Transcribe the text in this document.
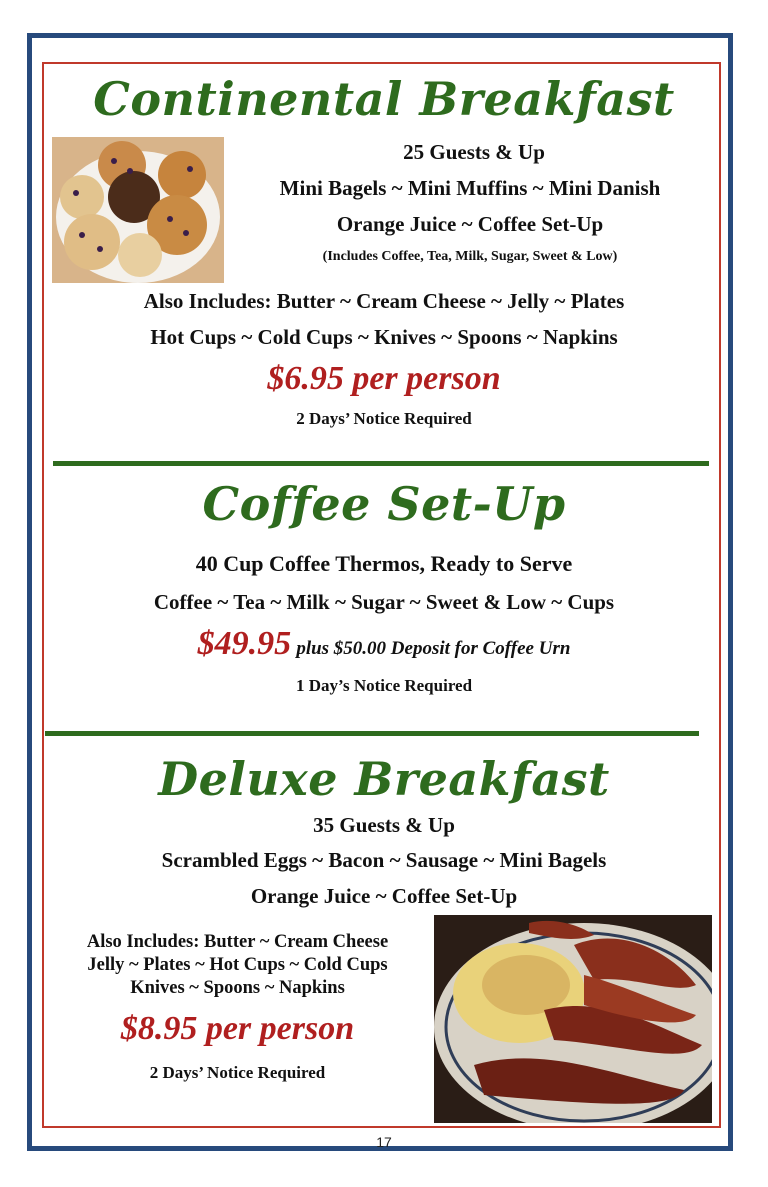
Continental Breakfast
25 Guests & Up
Mini Bagels ~ Mini Muffins ~ Mini Danish
Orange Juice ~ Coffee Set-Up
(Includes Coffee, Tea, Milk, Sugar, Sweet & Low)
Also Includes: Butter ~ Cream Cheese ~ Jelly ~ Plates
Hot Cups ~ Cold Cups ~ Knives ~ Spoons ~ Napkins
$6.95 per person
2 Days’ Notice Required
Coffee Set-Up
40 Cup Coffee Thermos, Ready to Serve
Coffee ~ Tea ~ Milk ~ Sugar ~ Sweet & Low ~ Cups
$49.95 plus $50.00 Deposit for Coffee Urn
1 Day’s Notice Required
Deluxe Breakfast
35 Guests & Up
Scrambled Eggs ~ Bacon ~ Sausage ~ Mini Bagels
Orange Juice ~ Coffee Set-Up
Also Includes: Butter ~ Cream Cheese
Jelly ~ Plates ~ Hot Cups ~ Cold Cups
Knives ~ Spoons ~ Napkins
$8.95 per person
2 Days’ Notice Required
17
